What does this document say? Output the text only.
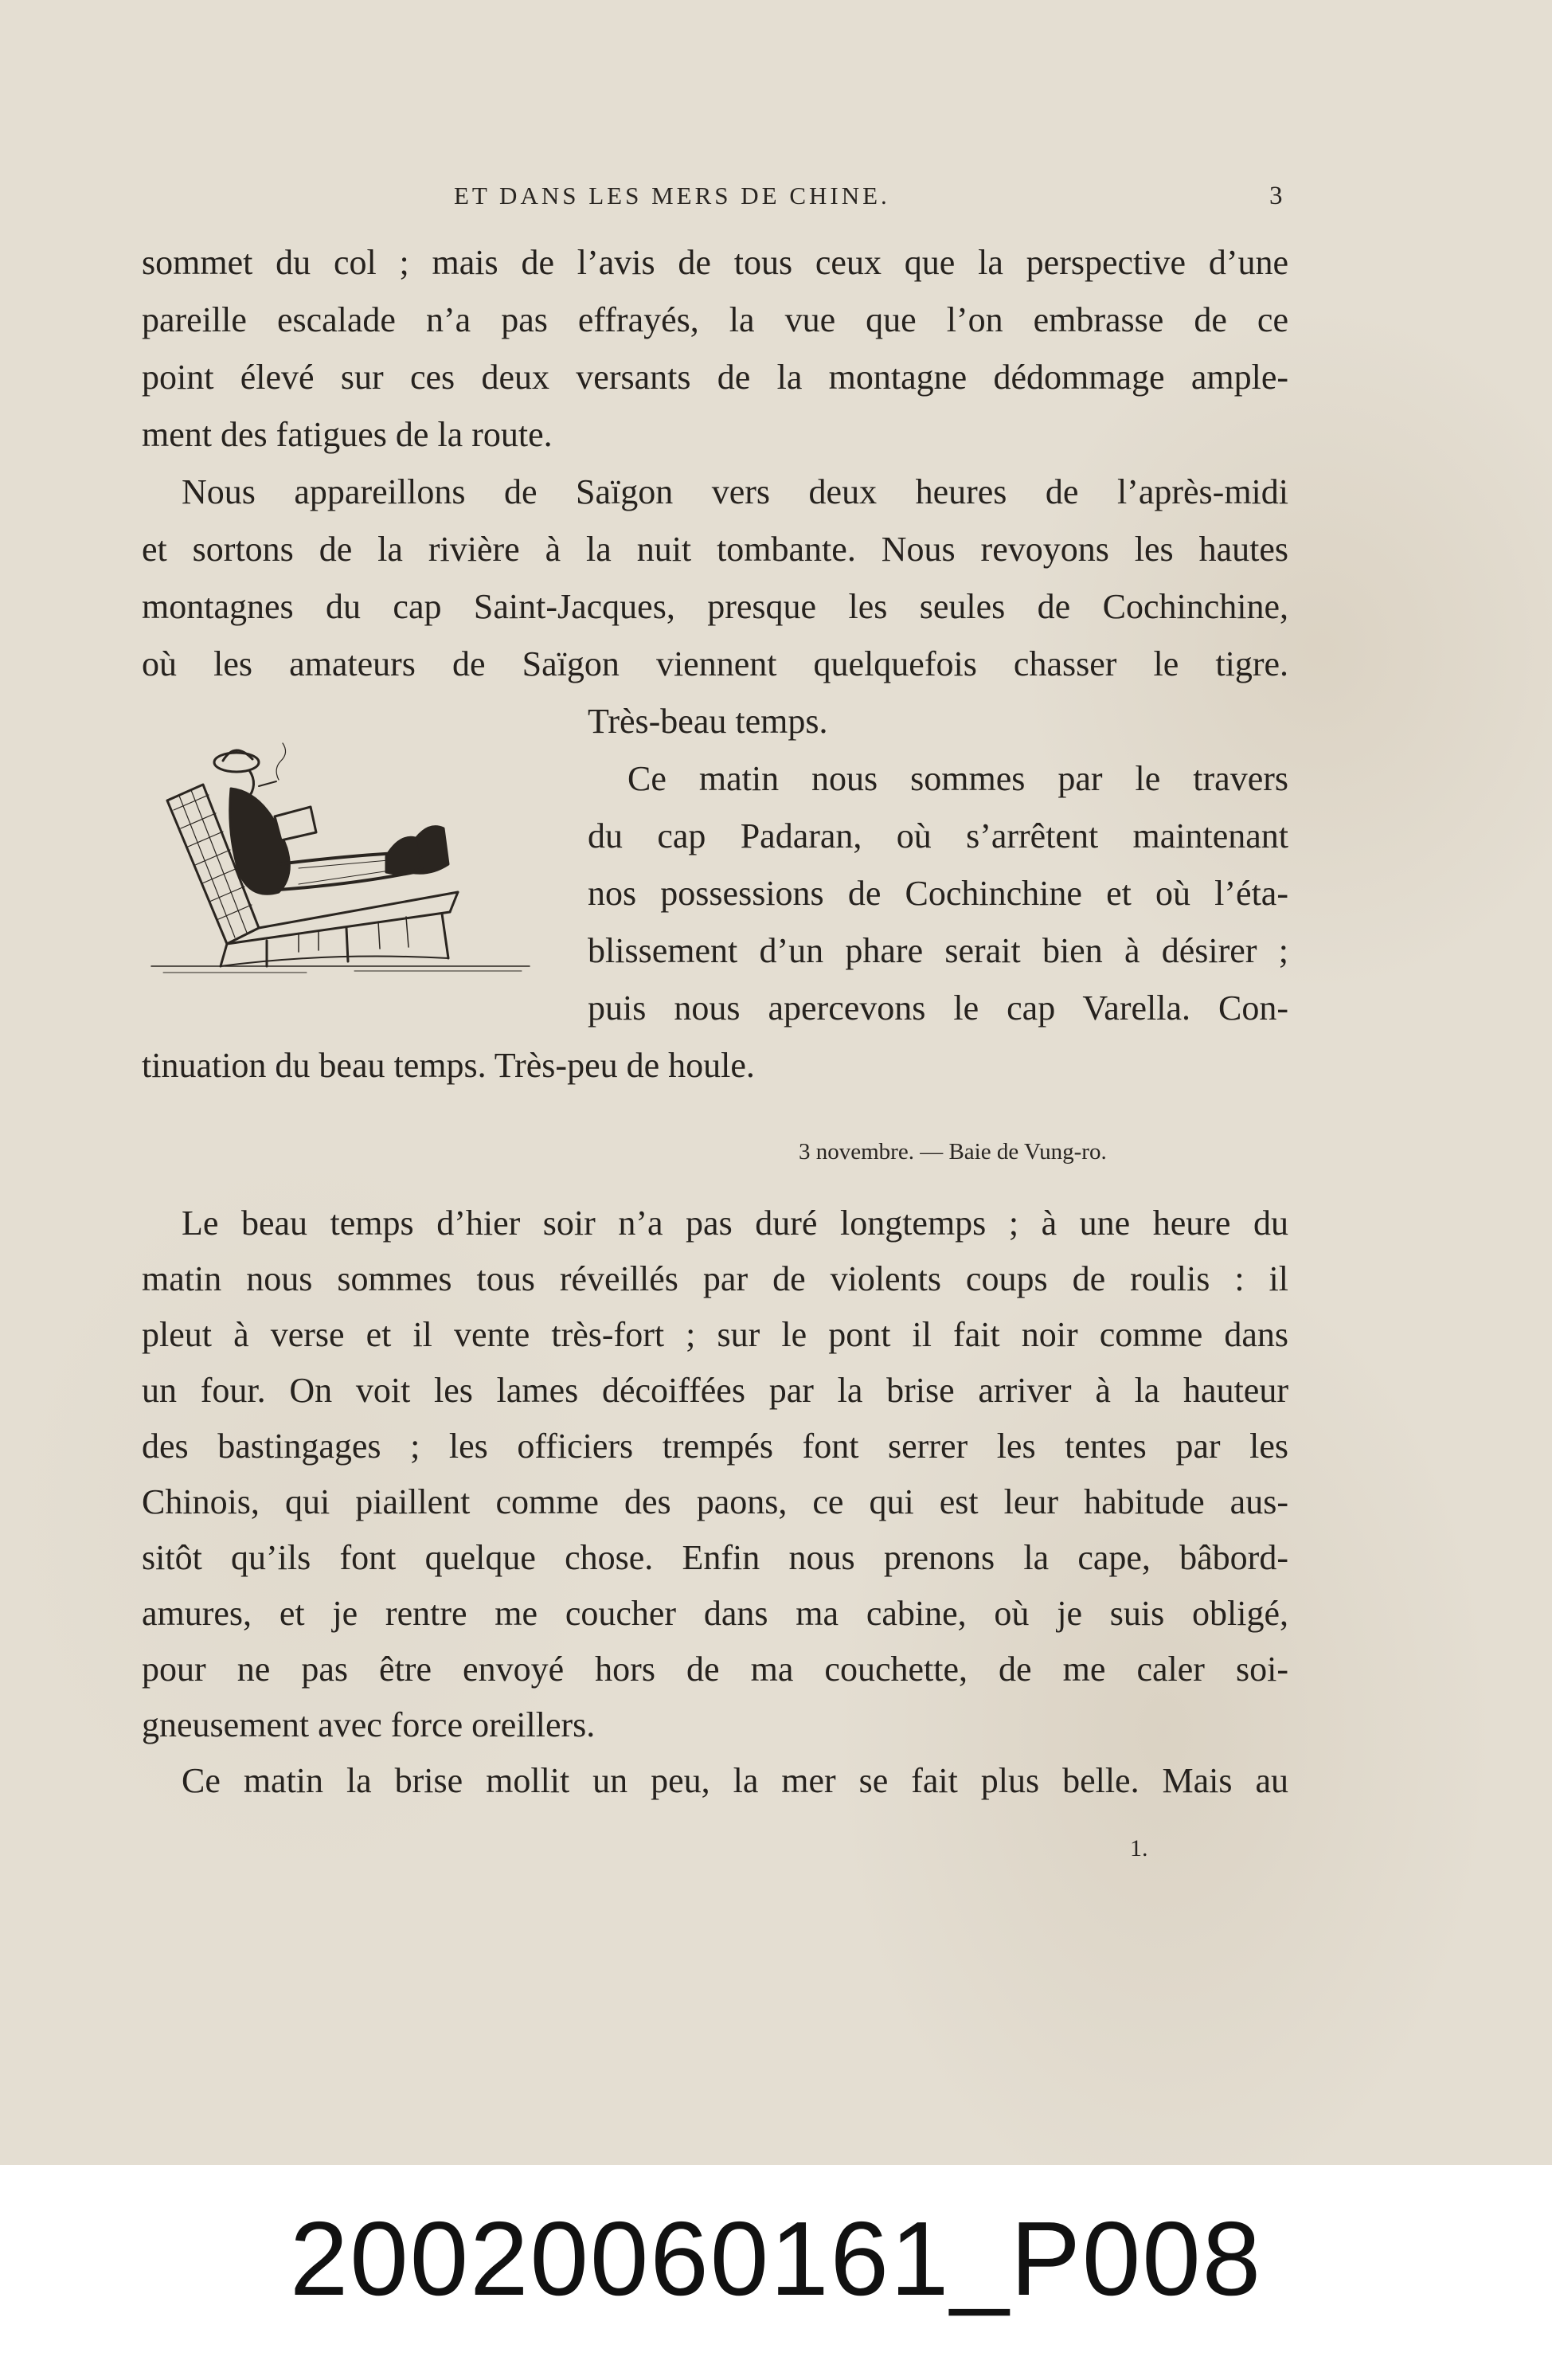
ET DANS LES MERS DE CHINE.	3
sommet du col ; mais de l’avis de tous ceux que la perspective d’une
pareille escalade n’a pas effrayés, la vue que l’on embrasse de ce
point élevé sur ces deux versants de la montagne dédommage ample-
ment des fatigues de la route.
Nous appareillons de Saïgon vers deux heures de l’après-midi
et sortons de la rivière à la nuit tombante. Nous revoyons les hautes
montagnes du cap Saint-Jacques, presque les seules de Cochinchine,
où les amateurs de Saïgon viennent quelquefois chasser le tigre.
Très-beau temps.
Ce matin nous sommes par le travers
du cap Padaran, où s’arrêtent maintenant
nos possessions de Cochinchine et où l’éta-
blissement d’un phare serait bien à désirer ;
puis nous apercevons le cap Varella. Con-
tinuation du beau temps. Très-peu de houle.
3 novembre. — Baie de Vung-ro.
Le beau temps d’hier soir n’a pas duré longtemps ; à une heure du
matin nous sommes tous réveillés par de violents coups de roulis : il
pleut à verse et il vente très-fort ; sur le pont il fait noir comme dans
un four. On voit les lames décoiffées par la brise arriver à la hauteur
des bastingages ; les officiers trempés font serrer les tentes par les
Chinois, qui piaillent comme des paons, ce qui est leur habitude aus-
sitôt qu’ils font quelque chose. Enfin nous prenons la cape, bâbord-
amures, et je rentre me coucher dans ma cabine, où je suis obligé,
pour ne pas être envoyé hors de ma couchette, de me caler soi-
gneusement avec force oreillers.
Ce matin la brise mollit un peu, la mer se fait plus belle. Mais au
1.
20020060161_P008
